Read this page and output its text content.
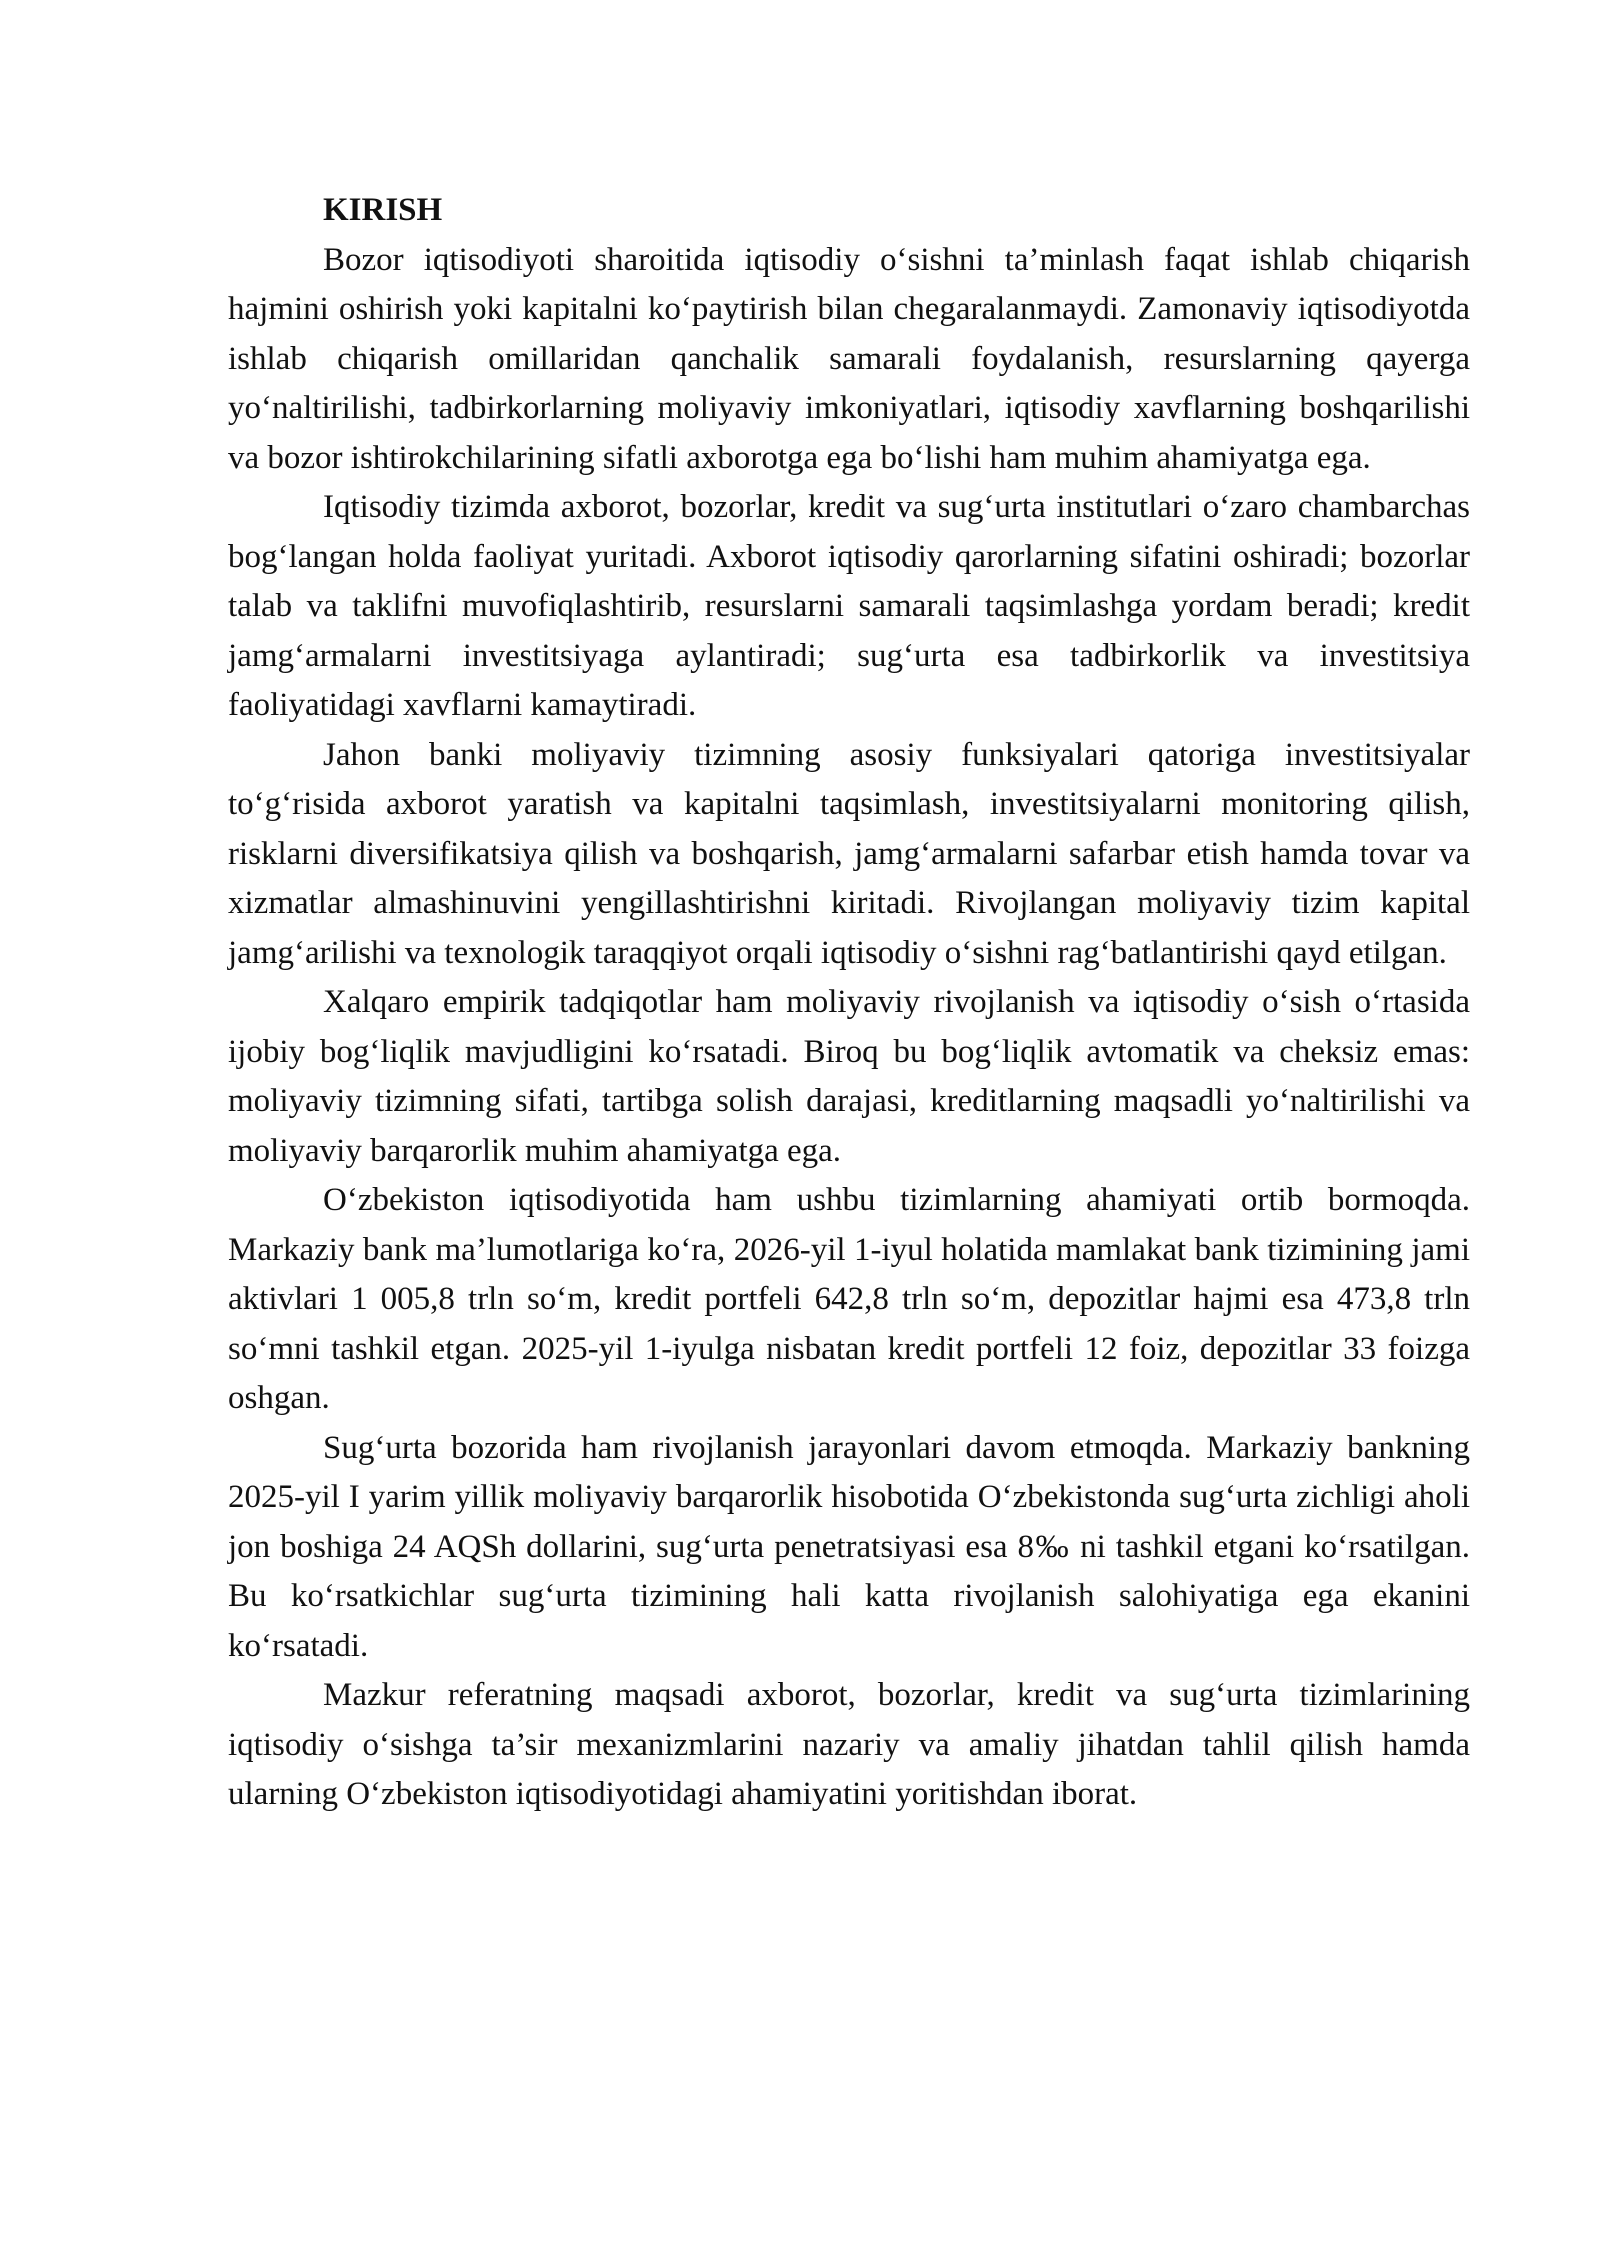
KIRISH

Bozor iqtisodiyoti sharoitida iqtisodiy o‘sishni ta’minlash faqat ishlab chiqarish hajmini oshirish yoki kapitalni ko‘paytirish bilan chegaralanmaydi. Zamonaviy iqtisodiyotda ishlab chiqarish omillaridan qanchalik samarali foydalanish, resurslarning qayerga yo‘naltirilishi, tadbirkorlarning moliyaviy imkoniyatlari, iqtisodiy xavflarning boshqarilishi va bozor ishtirokchilarining sifatli axborotga ega bo‘lishi ham muhim ahamiyatga ega.

Iqtisodiy tizimda axborot, bozorlar, kredit va sug‘urta institutlari o‘zaro chambarchas bog‘langan holda faoliyat yuritadi. Axborot iqtisodiy qarorlarning sifatini oshiradi; bozorlar talab va taklifni muvofiqlashtirib, resurslarni samarali taqsimlashga yordam beradi; kredit jamg‘armalarni investitsiyaga aylantiradi; sug‘urta esa tadbirkorlik va investitsiya faoliyatidagi xavflarni kamaytiradi.

Jahon banki moliyaviy tizimning asosiy funksiyalari qatoriga investitsiyalar to‘g‘risida axborot yaratish va kapitalni taqsimlash, investitsiyalarni monitoring qilish, risklarni diversifikatsiya qilish va boshqarish, jamg‘armalarni safarbar etish hamda tovar va xizmatlar almashinuvini yengillashtirishni kiritadi. Rivojlangan moliyaviy tizim kapital jamg‘arilishi va texnologik taraqqiyot orqali iqtisodiy o‘sishni rag‘batlantirishi qayd etilgan.

Xalqaro empirik tadqiqotlar ham moliyaviy rivojlanish va iqtisodiy o‘sish o‘rtasida ijobiy bog‘liqlik mavjudligini ko‘rsatadi. Biroq bu bog‘liqlik avtomatik va cheksiz emas: moliyaviy tizimning sifati, tartibga solish darajasi, kreditlarning maqsadli yo‘naltirilishi va moliyaviy barqarorlik muhim ahamiyatga ega.

O‘zbekiston iqtisodiyotida ham ushbu tizimlarning ahamiyati ortib bormoqda. Markaziy bank ma’lumotlariga ko‘ra, 2026-yil 1-iyul holatida mamlakat bank tizimining jami aktivlari 1 005,8 trln so‘m, kredit portfeli 642,8 trln so‘m, depozitlar hajmi esa 473,8 trln so‘mni tashkil etgan. 2025-yil 1-iyulga nisbatan kredit portfeli 12 foiz, depozitlar 33 foizga oshgan.

Sug‘urta bozorida ham rivojlanish jarayonlari davom etmoqda. Markaziy bankning 2025-yil I yarim yillik moliyaviy barqarorlik hisobotida O‘zbekistonda sug‘urta zichligi aholi jon boshiga 24 AQSh dollarini, sug‘urta penetratsiyasi esa 8‰ ni tashkil etgani ko‘rsatilgan. Bu ko‘rsatkichlar sug‘urta tizimining hali katta rivojlanish salohiyatiga ega ekanini ko‘rsatadi.

Mazkur referatning maqsadi axborot, bozorlar, kredit va sug‘urta tizimlarining iqtisodiy o‘sishga ta’sir mexanizmlarini nazariy va amaliy jihatdan tahlil qilish hamda ularning O‘zbekiston iqtisodiyotidagi ahamiyatini yoritishdan iborat.
